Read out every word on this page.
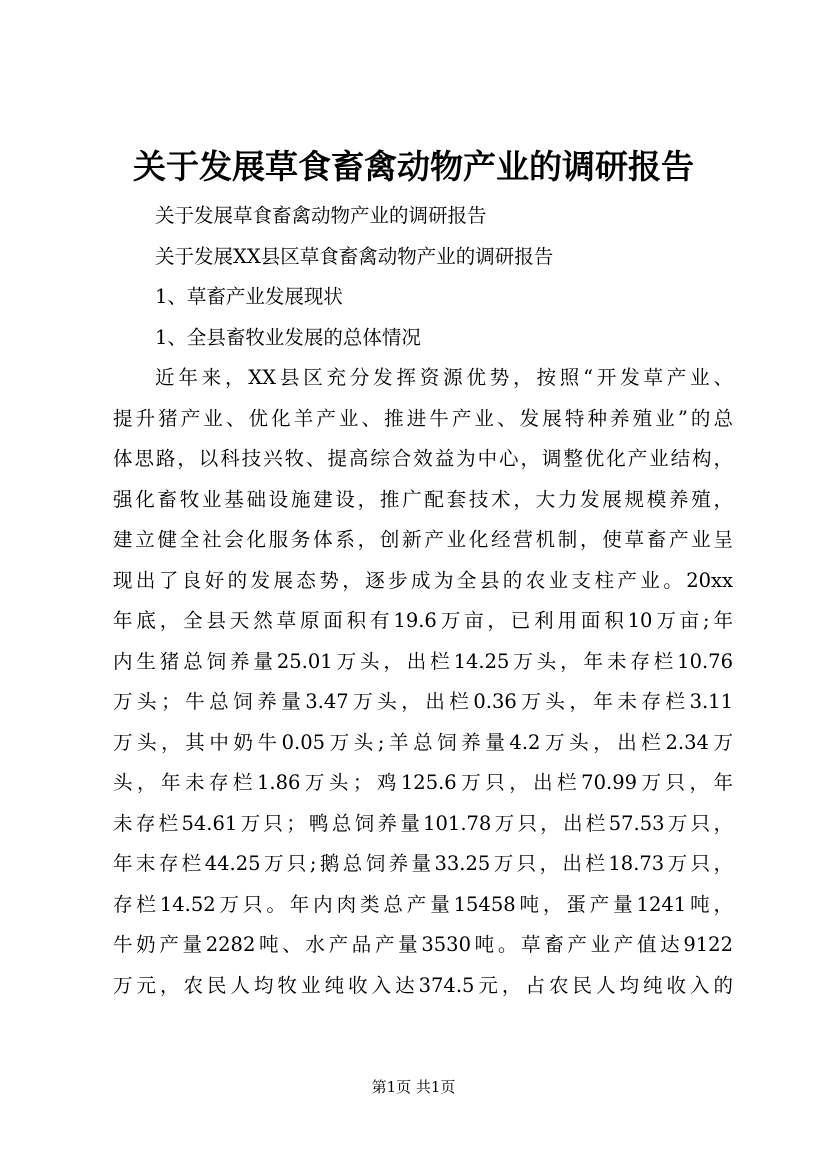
关于发展草食畜禽动物产业的调研报告
关于发展草食畜禽动物产业的调研报告
关于发展XX县区草食畜禽动物产业的调研报告
1、草畜产业发展现状
1、全县畜牧业发展的总体情况
近年来，XX县区充分发挥资源优势，按照“开发草产业、
提升猪产业、优化羊产业、推进牛产业、发展特种养殖业”的总
体思路，以科技兴牧、提高综合效益为中心，调整优化产业结构，
强化畜牧业基础设施建设，推广配套技术，大力发展规模养殖，
建立健全社会化服务体系，创新产业化经营机制，使草畜产业呈
现出了良好的发展态势，逐步成为全县的农业支柱产业。20xx
年底，全县天然草原面积有19.6万亩，已利用面积10万亩;年
内生猪总饲养量25.01万头，出栏14.25万头，年未存栏10.76
万头；牛总饲养量3.47万头，出栏0.36万头，年未存栏3.11
万头，其中奶牛0.05万头;羊总饲养量4.2万头，出栏2.34万
头，年未存栏1.86万头；鸡125.6万只，出栏70.99万只，年
未存栏54.61万只；鸭总饲养量101.78万只，出栏57.53万只，
年末存栏44.25万只;鹅总饲养量33.25万只，出栏18.73万只，
存栏14.52万只。年内肉类总产量15458吨，蛋产量1241吨，
牛奶产量2282吨、水产品产量3530吨。草畜产业产值达9122
万元，农民人均牧业纯收入达374.5元，占农民人均纯收入的
第1页 共1页
